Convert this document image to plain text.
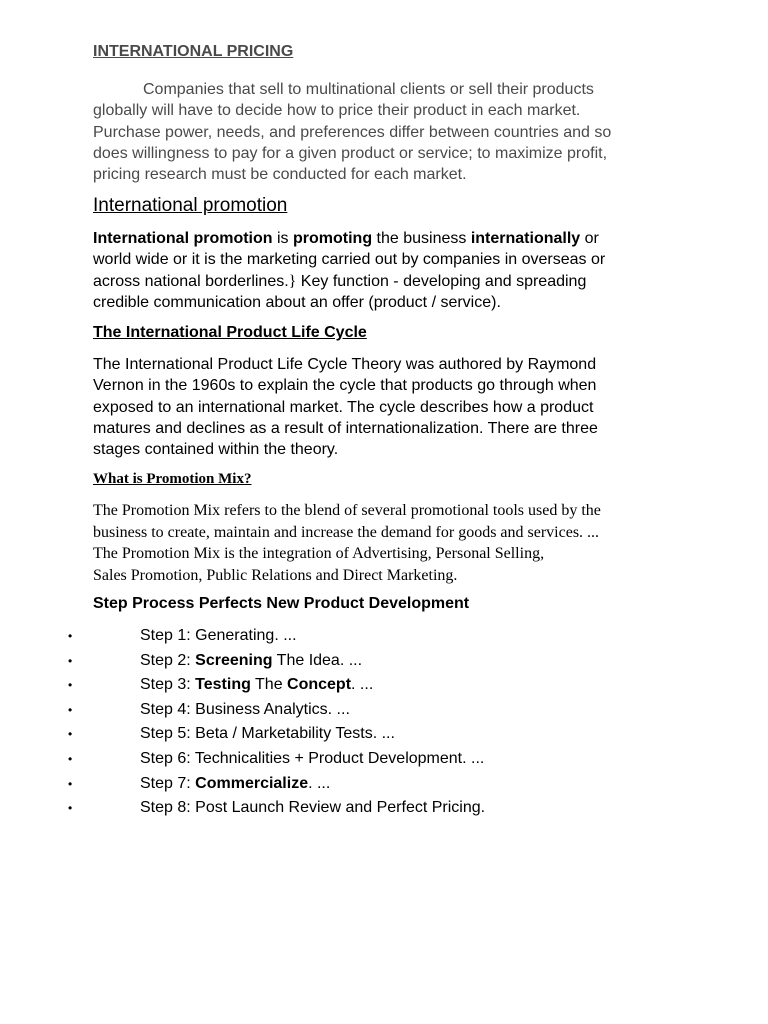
INTERNATIONAL PRICING
Companies that sell to multinational clients or sell their products
globally will have to decide how to price their product in each market.
Purchase power, needs, and preferences differ between countries and so
does willingness to pay for a given product or service; to maximize profit,
pricing research must be conducted for each market.
International promotion
International promotion is promoting the business internationally or
world wide or it is the marketing carried out by companies in overseas or
across national borderlines.} Key function - developing and spreading
credible communication about an offer (product / service).
The International Product Life Cycle
The International Product Life Cycle Theory was authored by Raymond
Vernon in the 1960s to explain the cycle that products go through when
exposed to an international market. The cycle describes how a product
matures and declines as a result of internationalization. There are three
stages contained within the theory.
What is Promotion Mix?
The Promotion Mix refers to the blend of several promotional tools used by the
business to create, maintain and increase the demand for goods and services. ...
The Promotion Mix is the integration of Advertising, Personal Selling,
Sales Promotion, Public Relations and Direct Marketing.
Step Process Perfects New Product Development
•	Step 1: Generating. ...
•	Step 2: Screening The Idea. ...
•	Step 3: Testing The Concept. ...
•	Step 4: Business Analytics. ...
•	Step 5: Beta / Marketability Tests. ...
•	Step 6: Technicalities + Product Development. ...
•	Step 7: Commercialize. ...
•	Step 8: Post Launch Review and Perfect Pricing.
